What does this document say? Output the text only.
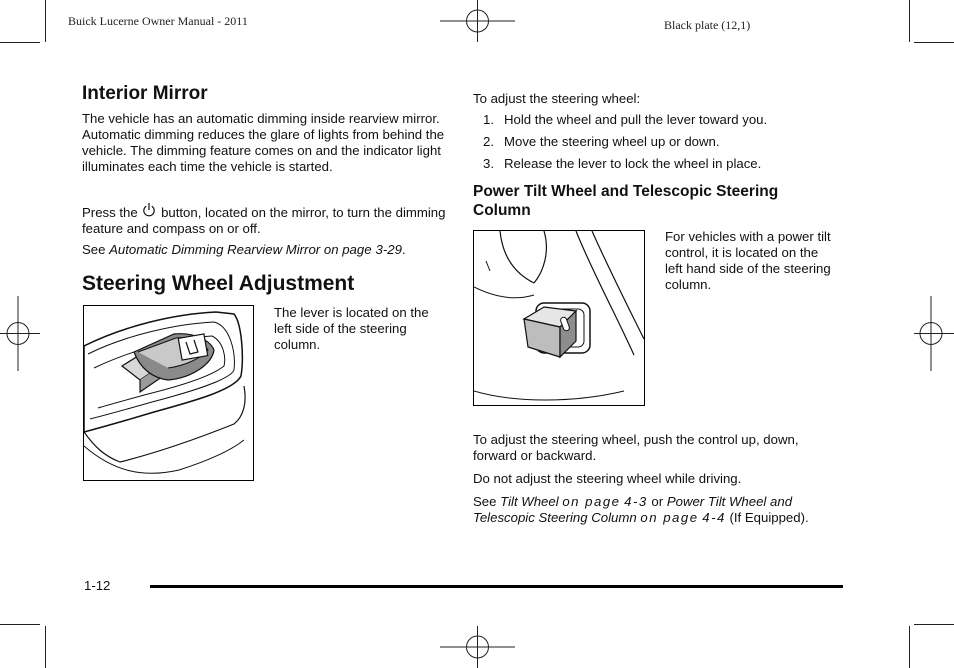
Buick Lucerne Owner Manual - 2011	Black plate (12,1)
Interior Mirror

The vehicle has an automatic dimming inside rearview mirror. Automatic dimming reduces the glare of lights from behind the vehicle. The dimming feature comes on and the indicator light illuminates each time the vehicle is started.

Press the button, located on the mirror, to turn the dimming feature and compass on or off.

See Automatic Dimming Rearview Mirror on page 3-29.

Steering Wheel Adjustment

The lever is located on the left side of the steering column.

To adjust the steering wheel:

1. Hold the wheel and pull the lever toward you.
2. Move the steering wheel up or down.
3. Release the lever to lock the wheel in place.
Power Tilt Wheel and Telescopic Steering Column

For vehicles with a power tilt control, it is located on the left hand side of the steering column.

To adjust the steering wheel, push the control up, down, forward or backward.

Do not adjust the steering wheel while driving.

See Tilt Wheel on page 4-3 or Power Tilt Wheel and Telescopic Steering Column on page 4-4 (If Equipped).

1-12
